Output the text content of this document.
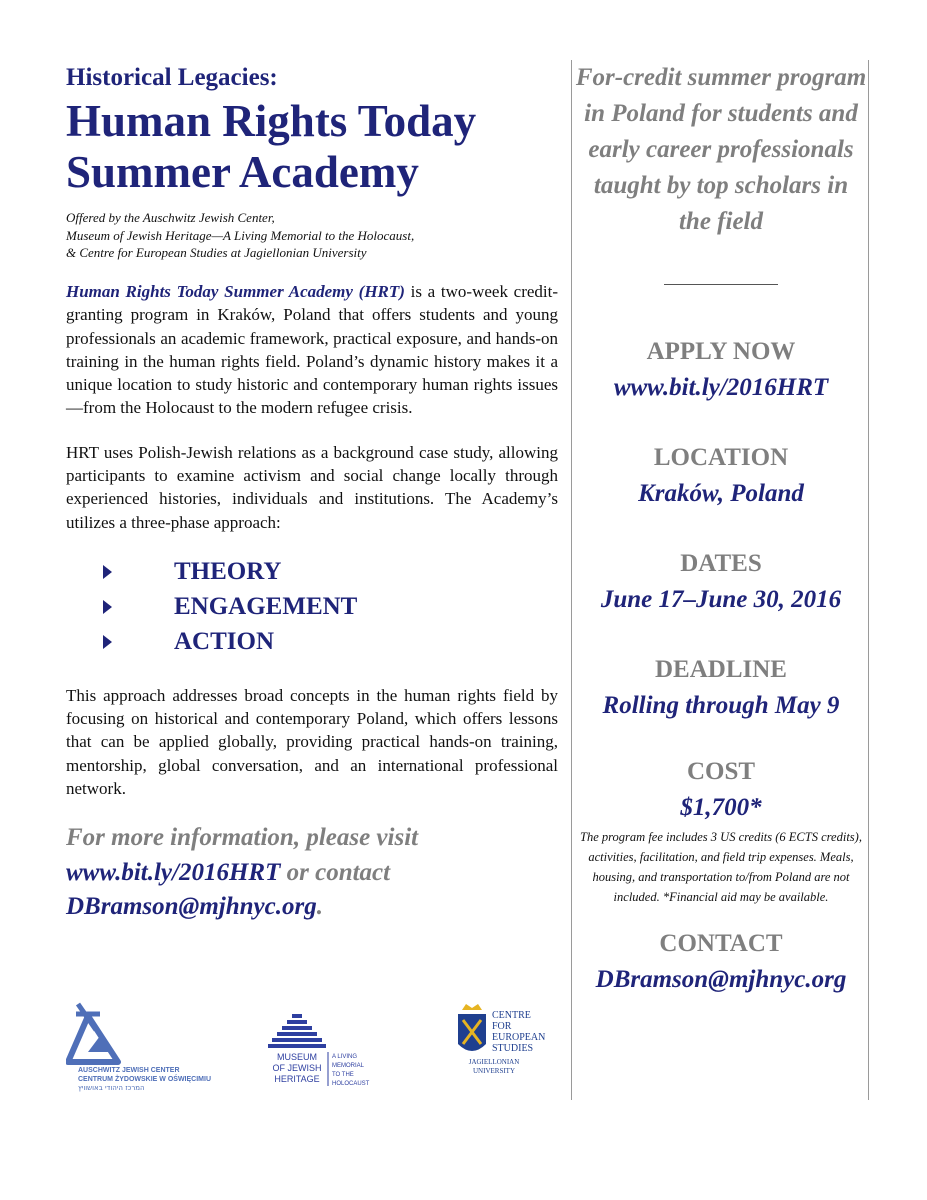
Historical Legacies:
Human Rights Today
Summer Academy
Offered by the Auschwitz Jewish Center,
Museum of Jewish Heritage—A Living Memorial to the Holocaust,
& Centre for European Studies at Jagiellonian University

Human Rights Today Summer Academy (HRT) is a two-week credit-granting program in Kraków, Poland that offers students and young professionals an academic framework, practical exposure, and hands-on training in the human rights field. Poland’s dynamic history makes it a unique location to study historic and contemporary human rights issues—from the Holocaust to the modern refugee crisis.

HRT uses Polish-Jewish relations as a background case study, allowing participants to examine activism and social change locally through experienced histories, individuals and institutions. The Academy’s utilizes a three-phase approach:

THEORY
ENGAGEMENT
ACTION

This approach addresses broad concepts in the human rights field by focusing on historical and contemporary Poland, which offers lessons that can be applied globally, providing practical hands-on training, mentorship, global conversation, and an international professional network.

For more information, please visit
www.bit.ly/2016HRT or contact
DBramson@mjhnyc.org.
AUSCHWITZ JEWISH CENTER
CENTRUM ŻYDOWSKIE W OŚWIĘCIMIU
המרכז היהודי באושוויץ
MUSEUM
OF JEWISH
HERITAGE
A LIVING
MEMORIAL
TO THE
HOLOCAUST
CENTRE
FOR
EUROPEAN
STUDIES
JAGIELLONIAN
UNIVERSITY
For-credit summer program in Poland for students and early career professionals taught by top scholars in the field
APPLY NOW
www.bit.ly/2016HRT
LOCATION
Kraków, Poland
DATES
June 17–June 30, 2016
DEADLINE
Rolling through May 9
COST
$1,700*
The program fee includes 3 US credits (6 ECTS credits), activities, facilitation, and field trip expenses. Meals, housing, and transportation to/from Poland are not included. *Financial aid may be available.
CONTACT
DBramson@mjhnyc.org
